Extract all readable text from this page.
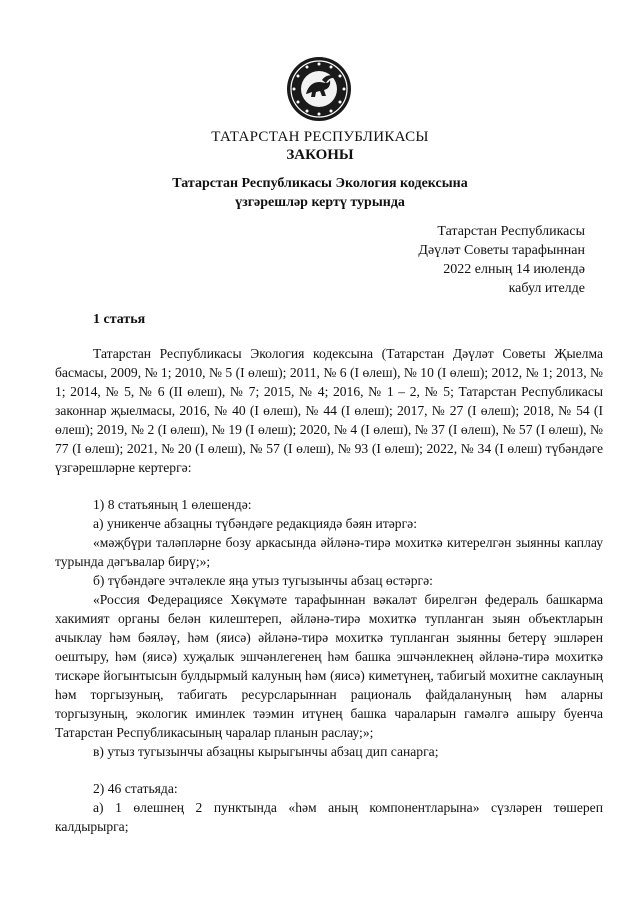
ТАТАРСТАН РЕСПУБЛИКАСЫ
ЗАКОНЫ
Татарстан Республикасы Экология кодексына
үзгәрешләр кертү турында
Татарстан Республикасы
Дәүләт Советы тарафыннан
2022 елның 14 июлендә
кабул ителде
1 статья

Татарстан Республикасы Экология кодексына (Татарстан Дәүләт Советы Җыелма басмасы, 2009, № 1; 2010, № 5 (I өлеш); 2011, № 6 (I өлеш), № 10 (I өлеш); 2012, № 1; 2013, № 1; 2014, № 5, № 6 (II өлеш), № 7; 2015, № 4; 2016, № 1 – 2, № 5; Татарстан Республикасы законнар җыелмасы, 2016, № 40 (I өлеш), № 44 (I өлеш); 2017, № 27 (I өлеш); 2018, № 54 (I өлеш); 2019, № 2 (I өлеш), № 19 (I өлеш); 2020, № 4 (I өлеш), № 37 (I өлеш), № 57 (I өлеш), № 77 (I өлеш); 2021, № 20 (I өлеш), № 57 (I өлеш), № 93 (I өлеш); 2022, № 34 (I өлеш) түбәндәге үзгәрешләрне кертергә:

1) 8 статьяның 1 өлешендә:

а) уникенче абзацны түбәндәге редакциядә бәян итәргә:

«мәҗбүри таләпләрне бозу аркасында әйләнә-тирә мохиткә китерелгән зыянны каплау турында дәгъвалар бирү;»;

б) түбәндәге эчтәлекле яңа утыз тугызынчы абзац өстәргә:

«Россия Федерациясе Хөкүмәте тарафыннан вәкаләт бирелгән федераль башкарма хакимият органы белән килештереп, әйләнә-тирә мохиткә тупланган зыян объектларын ачыклау һәм бәяләү, һәм (яисә) әйләнә-тирә мохиткә тупланган зыянны бетерү эшләрен оештыру, һәм (яисә) хуҗалык эшчәнлегенең һәм башка эшчәнлекнең әйләнә-тирә мохиткә тискәре йогынтысын булдырмый калуның һәм (яисә) киметүнең, табигый мохитне саклауның һәм торгызуның, табигать ресурсларыннан рациональ файдалануның һәм аларны торгызуның, экологик иминлек тәэмин итүнең башка чараларын гамәлгә ашыру буенча Татарстан Республикасының чаралар планын раслау;»;

в) утыз тугызынчы абзацны кырыгынчы абзац дип санарга;

2) 46 статьяда:

а) 1 өлешнең 2 пунктында «һәм аның компонентларына» сүзләрен төшереп калдырырга;
